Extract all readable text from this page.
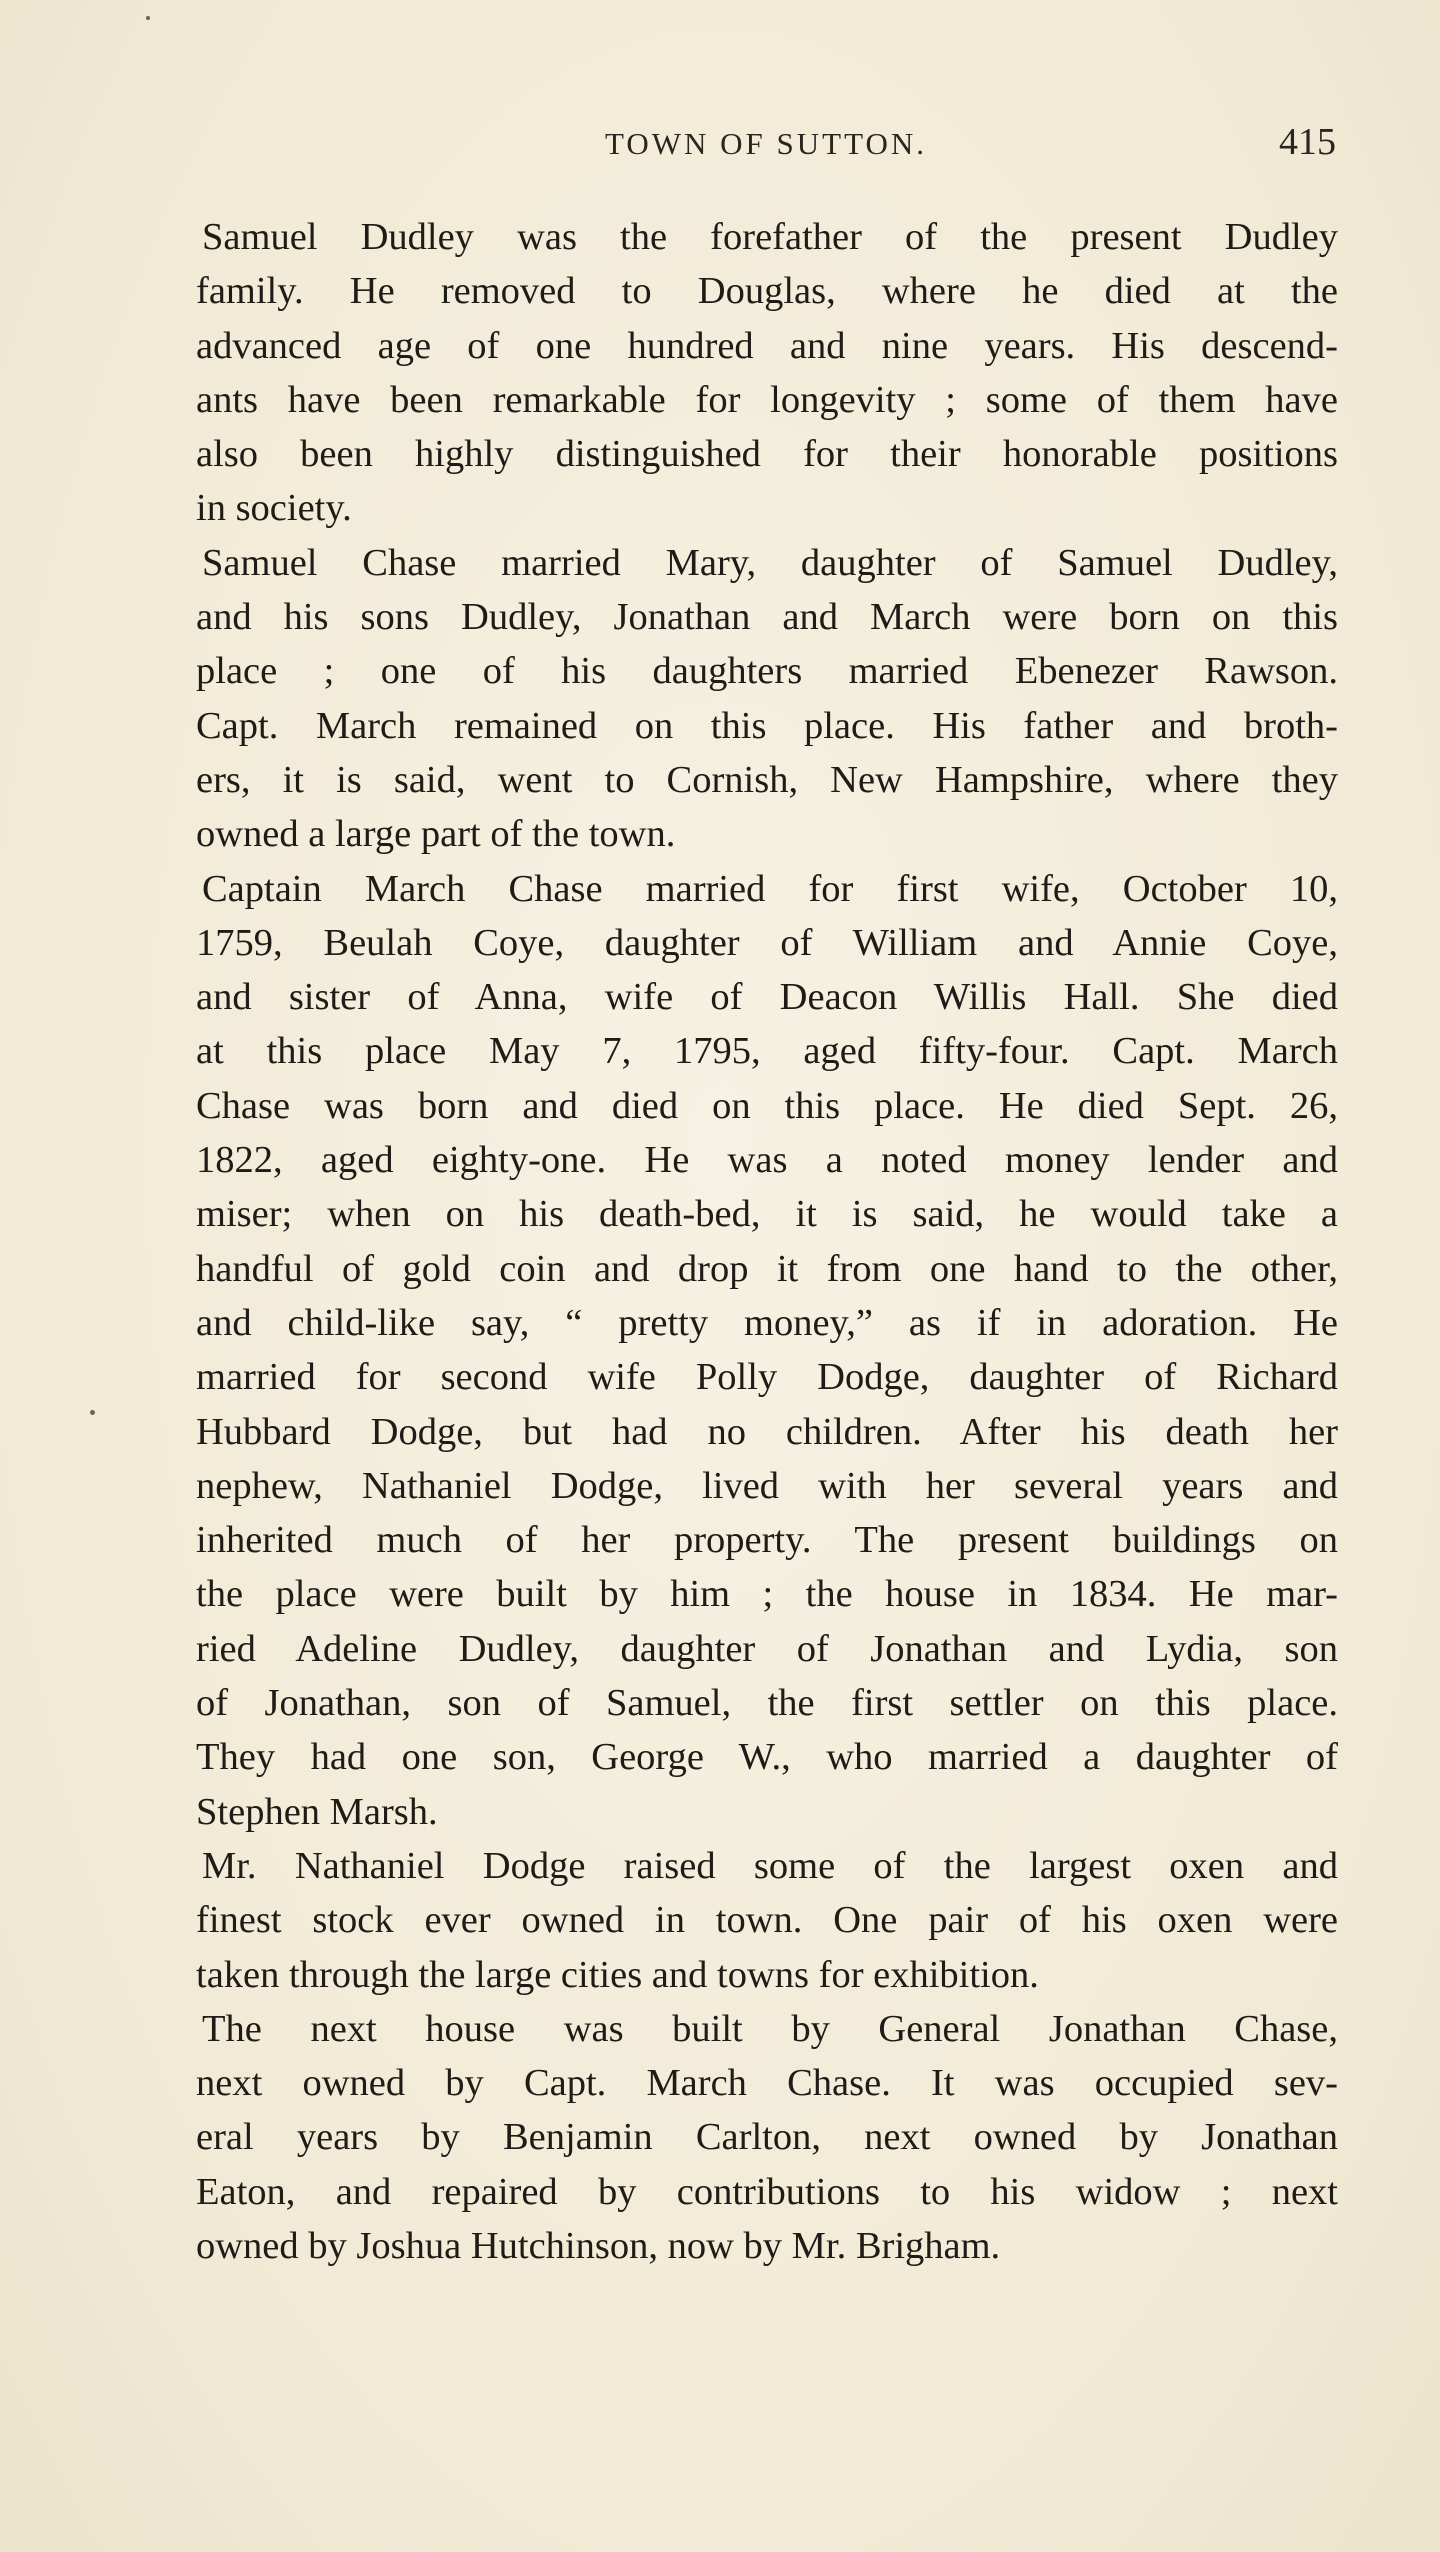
TOWN OF SUTTON.	415
Samuel Dudley was the forefather of the present Dudley
family. He removed to Douglas, where he died at the
advanced age of one hundred and nine years. His descend-
ants have been remarkable for longevity ; some of them have
also been highly distinguished for their honorable positions
in society.
Samuel Chase married Mary, daughter of Samuel Dudley,
and his sons Dudley, Jonathan and March were born on this
place ; one of his daughters married Ebenezer Rawson.
Capt. March remained on this place. His father and broth-
ers, it is said, went to Cornish, New Hampshire, where they
owned a large part of the town.
Captain March Chase married for first wife, October 10,
1759, Beulah Coye, daughter of William and Annie Coye,
and sister of Anna, wife of Deacon Willis Hall. She died
at this place May 7, 1795, aged fifty-four. Capt. March
Chase was born and died on this place. He died Sept. 26,
1822, aged eighty-one. He was a noted money lender and
miser; when on his death-bed, it is said, he would take a
handful of gold coin and drop it from one hand to the other,
and child-like say, “ pretty money,” as if in adoration. He
married for second wife Polly Dodge, daughter of Richard
Hubbard Dodge, but had no children. After his death her
nephew, Nathaniel Dodge, lived with her several years and
inherited much of her property. The present buildings on
the place were built by him ; the house in 1834. He mar-
ried Adeline Dudley, daughter of Jonathan and Lydia, son
of Jonathan, son of Samuel, the first settler on this place.
They had one son, George W., who married a daughter of
Stephen Marsh.
Mr. Nathaniel Dodge raised some of the largest oxen and
finest stock ever owned in town. One pair of his oxen were
taken through the large cities and towns for exhibition.
The next house was built by General Jonathan Chase,
next owned by Capt. March Chase. It was occupied sev-
eral years by Benjamin Carlton, next owned by Jonathan
Eaton, and repaired by contributions to his widow ; next
owned by Joshua Hutchinson, now by Mr. Brigham.
